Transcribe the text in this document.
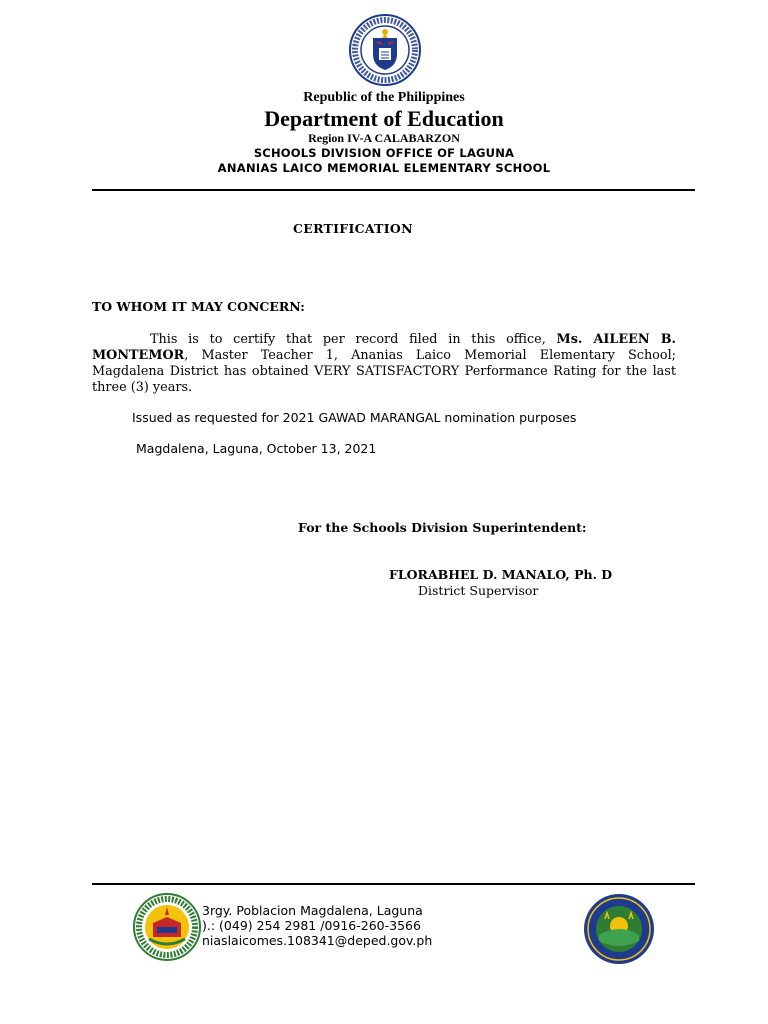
Republic of the Philippines
Department of Education
Region IV-A CALABARZON
SCHOOLS DIVISION OFFICE OF LAGUNA
ANANIAS LAICO MEMORIAL ELEMENTARY SCHOOL
CERTIFICATION
TO WHOM IT MAY CONCERN:
This is to certify that per record filed in this office, Ms. AILEEN B. MONTEMOR, Master Teacher 1, Ananias Laico Memorial Elementary School; Magdalena District has obtained VERY SATISFACTORY Performance Rating for the last three (3) years.
Issued as requested for 2021 GAWAD MARANGAL nomination purposes
Magdalena, Laguna, October 13, 2021
For the Schools Division Superintendent:
FLORABHEL D. MANALO, Ph. D
District Supervisor
3rgy. Poblacion Magdalena, Laguna
).: (049) 254 2981 /0916-260-3566
niaslaicomes.108341@deped.gov.ph
